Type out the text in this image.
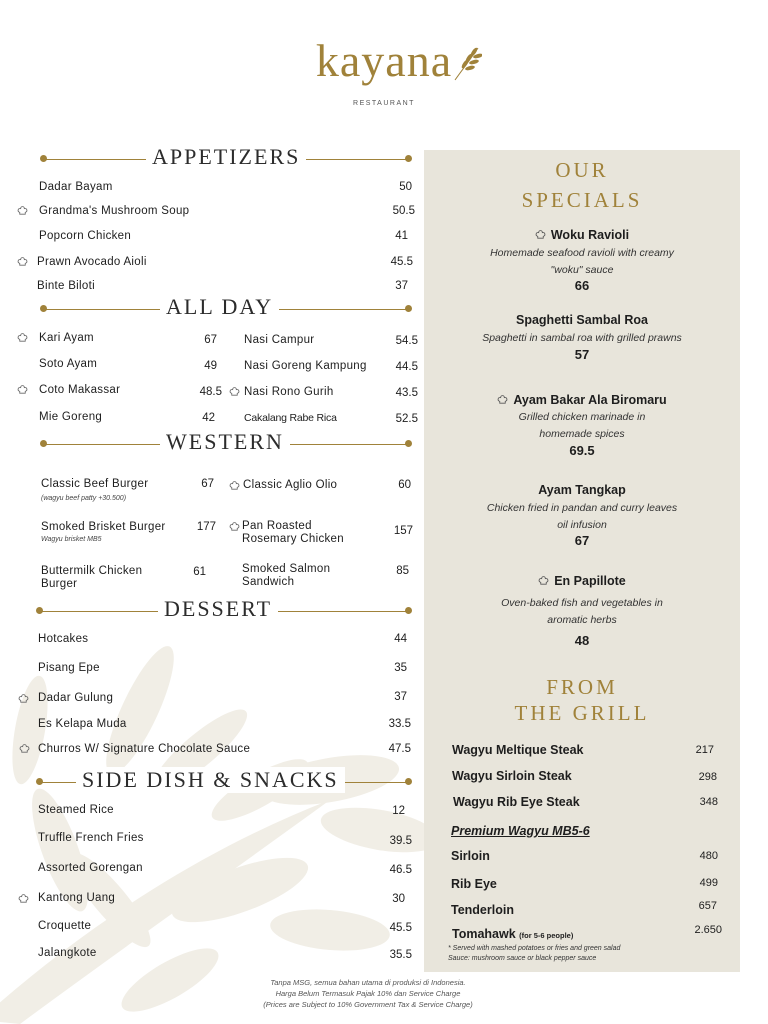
kayana
RESTAURANT
APPETIZERS
Dadar Bayam	50
Grandma's Mushroom Soup	50.5
Popcorn Chicken	41
Prawn Avocado Aioli	45.5
Binte Biloti	37
ALL DAY
Kari Ayam	67
Soto Ayam	49
Coto Makassar	48.5
Mie Goreng	42
Nasi Campur	54.5
Nasi Goreng Kampung	44.5
Nasi Rono Gurih	43.5
Cakalang Rabe Rica	52.5
WESTERN
Classic Beef Burger
(wagyu beef patty +30.500)
67
Smoked Brisket Burger
Wagyu brisket MB5
177
Buttermilk Chicken
Burger
61
Classic Aglio Olio	60
Pan Roasted
Rosemary Chicken
157
Smoked Salmon
Sandwich
85
DESSERT
Hotcakes	44
Pisang Epe	35
Dadar Gulung	37
Es Kelapa Muda	33.5
Churros W/ Signature Chocolate Sauce	47.5
SIDE DISH & SNACKS
Steamed Rice	12
Truffle French Fries	39.5
Assorted Gorengan	46.5
Kantong Uang	30
Croquette	45.5
Jalangkote	35.5
OUR
SPECIALS
Woku Ravioli
Homemade seafood ravioli with creamy
"woku" sauce
66
Spaghetti Sambal Roa
Spaghetti in sambal roa with grilled prawns
57
Ayam Bakar Ala Biromaru
Grilled chicken marinade in
homemade spices
69.5
Ayam Tangkap
Chicken fried in pandan and curry leaves
oil infusion
67
En Papillote
Oven-baked fish and vegetables in
aromatic herbs
48
FROM
THE GRILL
Wagyu Meltique Steak	217
Wagyu Sirloin Steak	298
Wagyu Rib Eye Steak	348
Premium Wagyu MB5-6
Sirloin	480
Rib Eye	499
Tenderloin	657
Tomahawk (for 5-6 people)	2.650
* Served with mashed potatoes or fries and green salad
Sauce: mushroom sauce or black pepper sauce
Tanpa MSG, semua bahan utama di produksi di Indonesia.
Harga Belum Termasuk Pajak 10% dan Service Charge
(Prices are Subject to 10% Government Tax & Service Charge)
